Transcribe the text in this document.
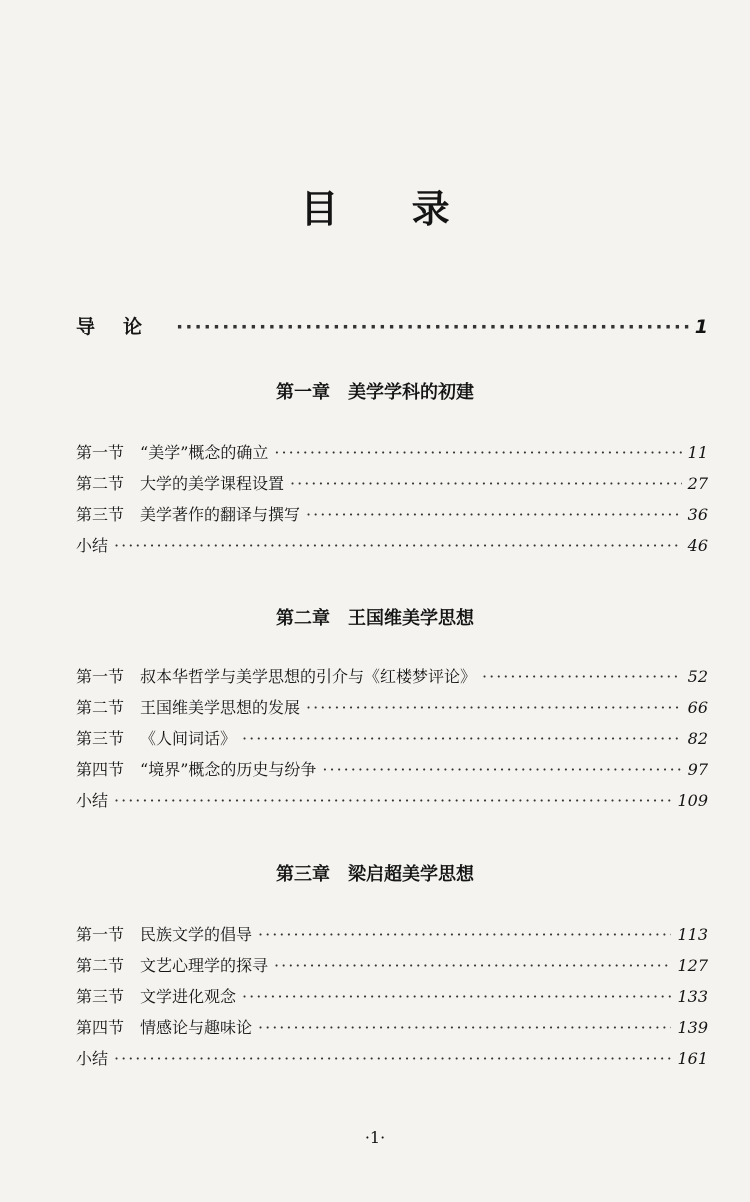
目 录
导论 ·····	1
第一章 美学学科的初建
第一节 “美学”概念的确立 ·····	11
第二节 大学的美学课程设置 ·····	27
第三节 美学著作的翻译与撰写 ·····	36
小结 ·····	46
第二章 王国维美学思想
第一节 叔本华哲学与美学思想的引介与《红楼梦评论》 ·····	52
第二节 王国维美学思想的发展 ·····	66
第三节 《人间词话》 ·····	82
第四节 “境界”概念的历史与纷争 ·····	97
小结 ·····	109
第三章 梁启超美学思想
第一节 民族文学的倡导 ·····	113
第二节 文艺心理学的探寻 ·····	127
第三节 文学进化观念 ·····	133
第四节 情感论与趣味论 ·····	139
小结 ·····	161
·1·
